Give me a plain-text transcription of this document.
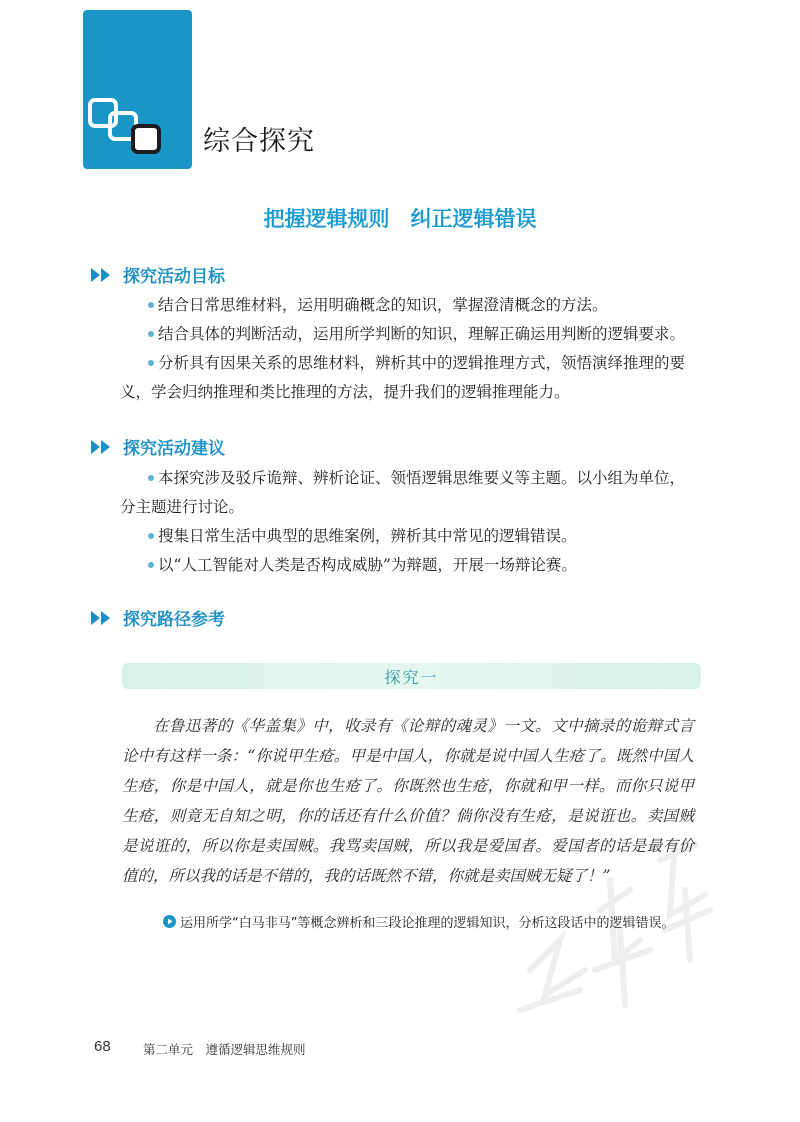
综合探究
把握逻辑规则　纠正逻辑错误
探究活动目标
结合日常思维材料，运用明确概念的知识，掌握澄清概念的方法。
结合具体的判断活动，运用所学判断的知识，理解正确运用判断的逻辑要求。
分析具有因果关系的思维材料，辨析其中的逻辑推理方式，领悟演绎推理的要义，学会归纳推理和类比推理的方法，提升我们的逻辑推理能力。
探究活动建议
本探究涉及驳斥诡辩、辨析论证、领悟逻辑思维要义等主题。以小组为单位，分主题进行讨论。
搜集日常生活中典型的思维案例，辨析其中常见的逻辑错误。
以“人工智能对人类是否构成威胁”为辩题，开展一场辩论赛。
探究路径参考
探究一
在鲁迅著的《华盖集》中，收录有《论辩的魂灵》一文。文中摘录的诡辩式言论中有这样一条：“你说甲生疮。甲是中国人，你就是说中国人生疮了。既然中国人生疮，你是中国人，就是你也生疮了。你既然也生疮，你就和甲一样。而你只说甲生疮，则竟无自知之明，你的话还有什么价值？倘你没有生疮，是说诳也。卖国贼是说诳的，所以你是卖国贼。我骂卖国贼，所以我是爱国者。爱国者的话是最有价值的，所以我的话是不错的，我的话既然不错，你就是卖国贼无疑了！”
运用所学“白马非马”等概念辨析和三段论推理的逻辑知识，分析这段话中的逻辑错误。
68	第二单元　遵循逻辑思维规则
